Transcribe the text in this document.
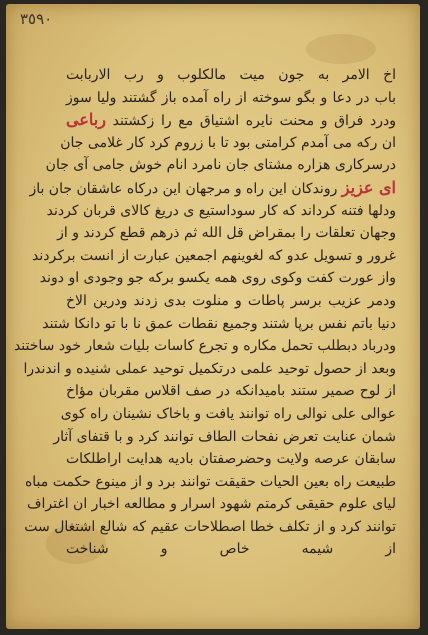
٣٥٩٠
اخ الامر به جون میت مالکلوب و رب الاربابت
باب در دعا و بگو سوخته از راه آمده باز گشتند ولیا سوز
ودرد فراق و محنت نایره اشتیاق مع را زکشتند رباعی
ان رکه می آمدم کرامتی بود تا با زروم کرد کار غلامی جان
درسرکاری هزاره مشتای جان نامرد انام خوش جامی آی جان
ای عزیز روندکان این راه و مرجهان این درکاه عاشقان جان باز
ودلها فتنه کرداند که کار سوداستیع ی دریغ کالای قربان کردند
وجهان تعلقات را بمقراض قل الله ثم ذرهم قطع کردند و از
غرور و تسویل عدو که لغوینهم اجمعین عبارت از انست برکردند
واز عورت کفت وکوی روی همه یکسو برکه جو وجودی او دوند
ودمر عزیب برسر پاطات و منلوت بدی زدند ودرین الاخ
دنیا باتم نفس برپا شتند وجمیع نقطات عمق نا با تو دانکا شتند
ودرباد دبطلب تحمل مکاره و تجرع کاسات بلیات شعار خود ساختند
وبعد از حصول توحید علمی درتکمیل توحید عملی شنیده و اندندرا
از لوح صمیر ستند بامیدانکه در صف اقلاس مقربان مؤاخ
عوالی علی نوالی راه توانند یافت و باخاک نشینان راه کوی
شمان عنایت تعرض نفحات الطاف توانند کرد و با قتفای آثار
سابقان عرصه ولایت وحضرصفتان بادیه هدایت اراطلکات
طبیعت راه بعین الحیات حقیقت توانند برد و از مینوع حکمت مباه
لیای علوم حقیقی کرمتم شهود اسرار و مطالعه اخبار ان اغتراف
توانند کرد و از تکلف خطا اصطلاحات عقیم که شالع اشتغال ست
از شیمه خاص و شناخت
